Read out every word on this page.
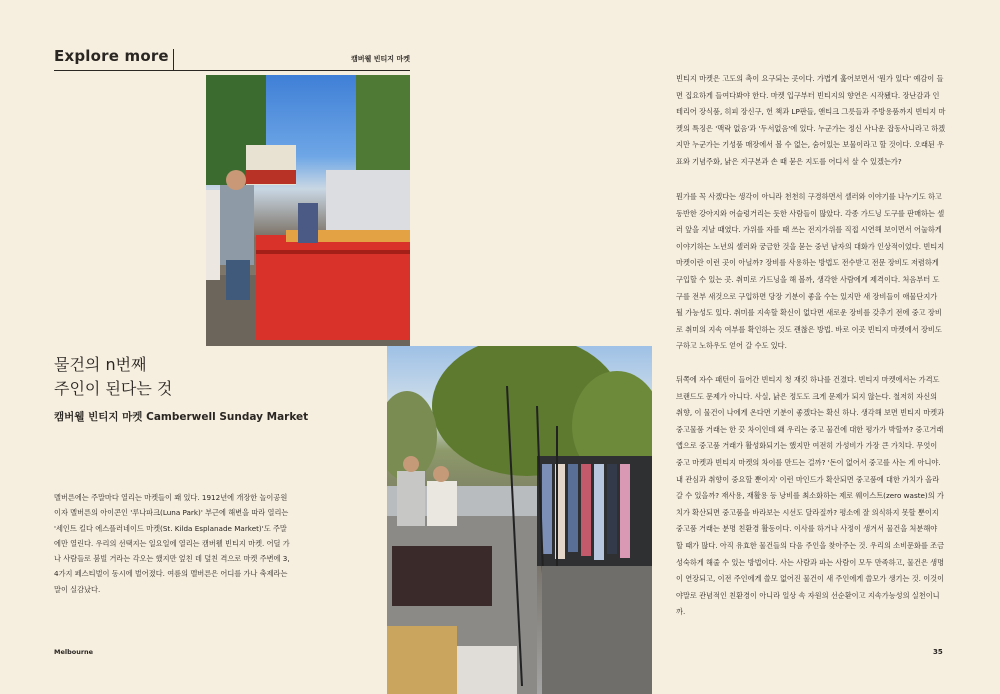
Explore more	캠버웰 빈티지 마켓
물건의 n번째
주인이 된다는 것
캠버웰 빈티지 마켓 Camberwell Sunday Market

멜버른에는 주말마다 열리는 마켓들이 꽤 있다. 1912년에 개장한 놀이공원이자 멜버른의 아이콘인 '루나파크(Luna Park)' 부근에 해변을 따라 열리는 '세인트 킬다 에스플러네이드 마켓(St. Kilda Esplanade Market)'도 주말에만 열린다. 우리의 선택지는 일요일에 열리는 캠버웰 빈티지 마켓. 어딜 가나 사람들로 붐빌 거라는 각오는 했지만 엎친 데 덮친 격으로 마켓 주변에 3, 4가지 페스티벌이 동시에 벌어졌다. 여름의 멜버른은 어디를 가나 축제라는 말이 실감났다.

빈티지 마켓은 고도의 촉이 요구되는 곳이다. 가볍게 훑어보면서 '뭔가 있다' 예감이 들면 집요하게 들여다봐야 한다. 마켓 입구부터 빈티지의 향연은 시작됐다. 장난감과 인테리어 장식품, 히피 장신구, 헌 책과 LP판들, 앤티크 그릇들과 주방용품까지 빈티지 마켓의 특징은 '맥락 없음'과 '두서없음'에 있다. 누군가는 정신 사나운 잡동사니라고 하겠지만 누군가는 기성품 매장에서 볼 수 없는, 숨어있는 보물이라고 할 것이다. 오래된 우표와 기념주화, 낡은 지구본과 손 때 묻은 지도를 어디서 살 수 있겠는가?

뭔가를 꼭 사겠다는 생각이 아니라 천천히 구경하면서 셀러와 이야기를 나누기도 하고 동반한 강아지와 어슬렁거리는 듯한 사람들이 많았다. 각종 가드닝 도구를 판매하는 셀러 앞을 지날 때였다. 가위를 자를 때 쓰는 전지가위를 직접 시연해 보이면서 어눌하게 이야기하는 노년의 셀러와 궁금한 것을 묻는 중년 남자의 대화가 인상적이었다. 빈티지 마켓이란 이런 곳이 아닐까? 장비를 사용하는 방법도 전수받고 전문 장비도 저렴하게 구입할 수 있는 곳. 취미로 가드닝을 해 볼까, 생각한 사람에게 제격이다. 처음부터 도구를 전부 새것으로 구입하면 당장 기분이 좋을 수는 있지만 새 장비들이 애물단지가 될 가능성도 있다. 취미를 지속할 확신이 없다면 새로운 장비를 갖추기 전에 중고 장비로 취미의 지속 여부를 확인하는 것도 괜찮은 방법. 바로 이곳 빈티지 마켓에서 장비도 구하고 노하우도 얻어 갈 수도 있다.

뒤쪽에 자수 패턴이 들어간 빈티지 청 재킷 하나를 건졌다. 빈티지 마켓에서는 가격도 브랜드도 문제가 아니다. 사실, 낡은 정도도 크게 문제가 되지 않는다. 철저히 자신의 취향, 이 물건이 나에게 온다면 기분이 좋겠다는 확신 하나. 생각해 보면 빈티지 마켓과 중고물품 거래는 한 끗 차이인데 왜 우리는 중고 물건에 대한 평가가 박할까? 중고거래 앱으로 중고품 거래가 활성화되기는 했지만 여전히 가성비가 가장 큰 가치다. 무엇이 중고 마켓과 빈티지 마켓의 차이를 만드는 걸까? '돈이 없어서 중고를 사는 게 아니야. 내 관심과 취향이 중요할 뿐이지' 이런 마인드가 확산되면 중고품에 대한 가치가 올라갈 수 있을까? 재사용, 재활용 등 낭비를 최소화하는 제로 웨이스트(zero waste)의 가치가 확산되면 중고품을 바라보는 시선도 달라질까? 평소에 잘 의식하지 못할 뿐이지 중고품 거래는 분명 친환경 활동이다. 이사를 하거나 사정이 생겨서 물건을 처분해야 할 때가 많다. 아직 유효한 물건들의 다음 주인을 찾아주는 것. 우리의 소비문화를 조금 성숙하게 해줄 수 있는 방법이다. 사는 사람과 파는 사람이 모두 만족하고, 물건은 생명이 연장되고, 이전 주인에게 쓸모 없어진 물건이 새 주인에게 쓸모가 생기는 것. 이것이야말로 관념적인 친환경이 아니라 일상 속 자원의 선순환이고 지속가능성의 실천이니까.

Melbourne	35
